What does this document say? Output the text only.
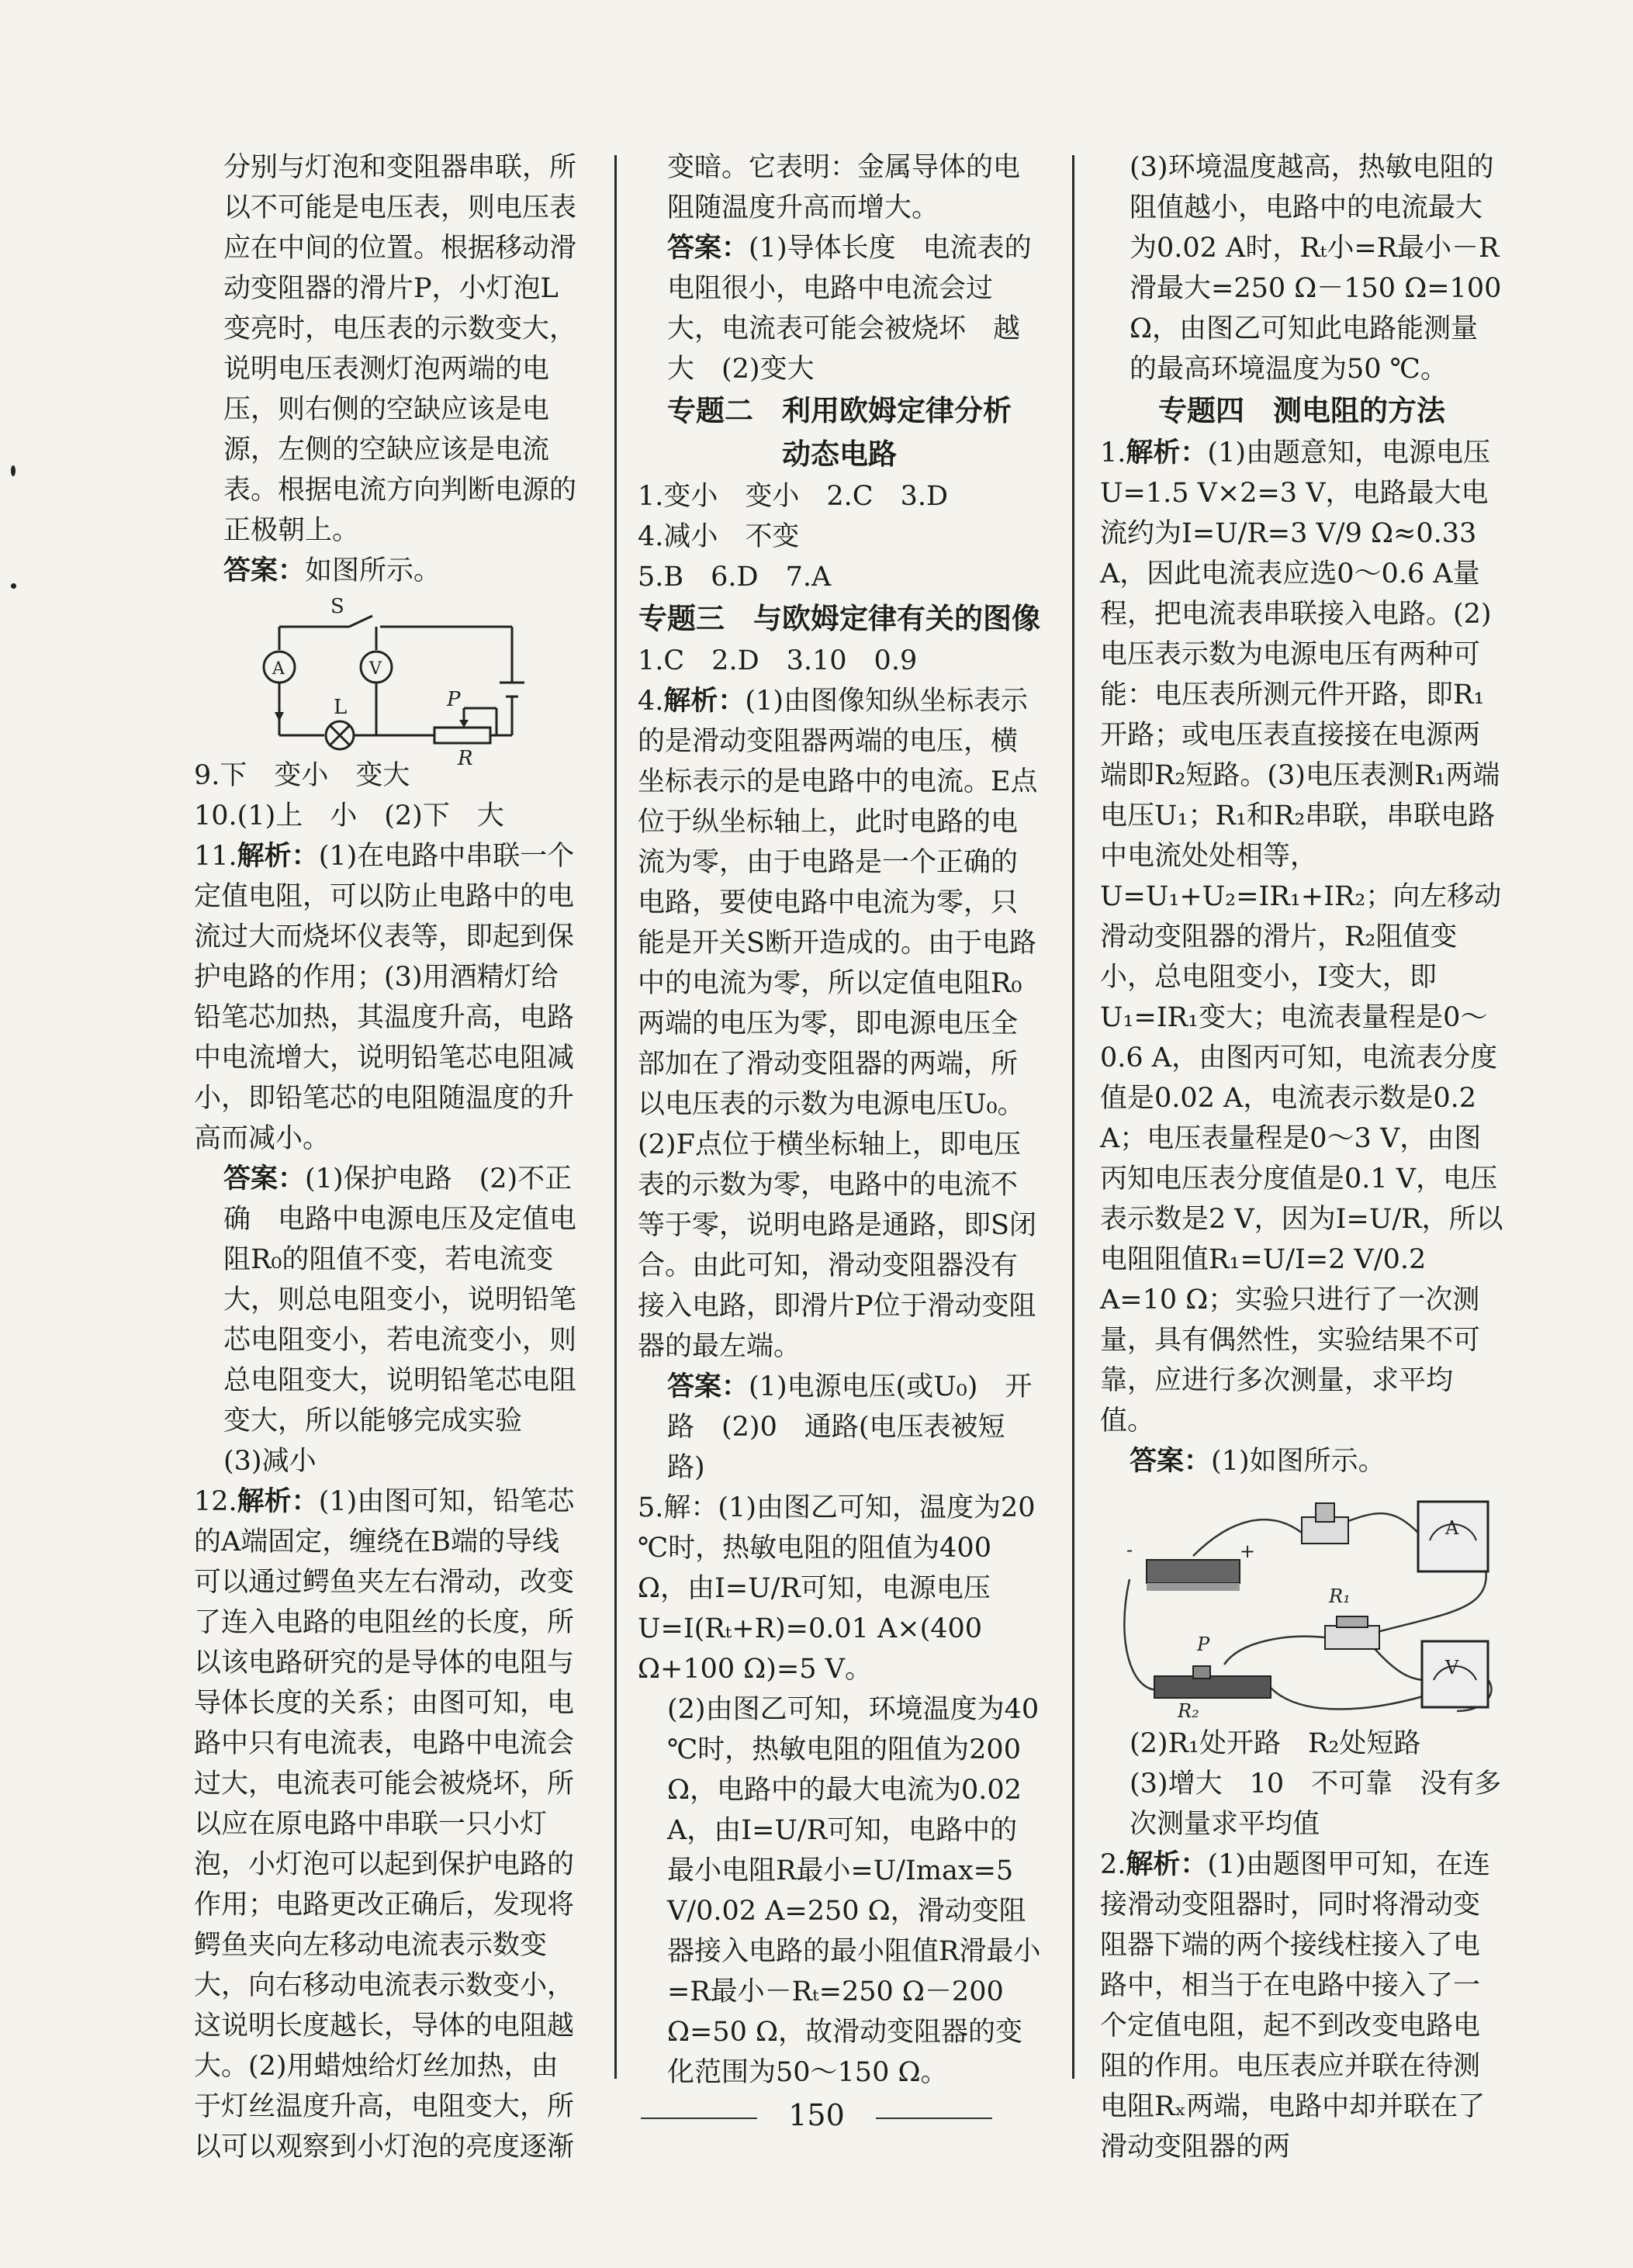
分别与灯泡和变阻器串联，所以不可能是电压表，则电压表应在中间的位置。根据移动滑动变阻器的滑片P，小灯泡L变亮时，电压表的示数变大，说明电压表测灯泡两端的电压，则右侧的空缺应该是电源，左侧的空缺应该是电流表。根据电流方向判断电源的正极朝上。

答案：如图所示。

S
A	V
L	P
R

9.下　变小　变大

10.(1)上　小　(2)下　大

11.解析：(1)在电路中串联一个定值电阻，可以防止电路中的电流过大而烧坏仪表等，即起到保护电路的作用；(3)用酒精灯给铅笔芯加热，其温度升高，电路中电流增大，说明铅笔芯电阻减小，即铅笔芯的电阻随温度的升高而减小。

答案：(1)保护电路　(2)不正确　电路中电源电压及定值电阻R₀的阻值不变，若电流变大，则总电阻变小，说明铅笔芯电阻变小，若电流变小，则总电阻变大，说明铅笔芯电阻变大，所以能够完成实验

(3)减小

12.解析：(1)由图可知，铅笔芯的A端固定，缠绕在B端的导线可以通过鳄鱼夹左右滑动，改变了连入电路的电阻丝的长度，所以该电路研究的是导体的电阻与导体长度的关系；由图可知，电路中只有电流表，电路中电流会过大，电流表可能会被烧坏，所以应在原电路中串联一只小灯泡，小灯泡可以起到保护电路的作用；电路更改正确后，发现将鳄鱼夹向左移动电流表示数变大，向右移动电流表示数变小，这说明长度越长，导体的电阻越大。(2)用蜡烛给灯丝加热，由于灯丝温度升高，电阻变大，所以可以观察到小灯泡的亮度逐渐

变暗。它表明：金属导体的电阻随温度升高而增大。

答案：(1)导体长度　电流表的电阻很小，电路中电流会过大，电流表可能会被烧坏　越大　(2)变大

专题二　利用欧姆定律分析

动态电路

1.变小　变小　2.C　3.D

4.减小　不变

5.B　6.D　7.A

专题三　与欧姆定律有关的图像

1.C　2.D　3.10　0.9

4.解析：(1)由图像知纵坐标表示的是滑动变阻器两端的电压，横坐标表示的是电路中的电流。E点位于纵坐标轴上，此时电路的电流为零，由于电路是一个正确的电路，要使电路中电流为零，只能是开关S断开造成的。由于电路中的电流为零，所以定值电阻R₀两端的电压为零，即电源电压全部加在了滑动变阻器的两端，所以电压表的示数为电源电压U₀。(2)F点位于横坐标轴上，即电压表的示数为零，电路中的电流不等于零，说明电路是通路，即S闭合。由此可知，滑动变阻器没有接入电路，即滑片P位于滑动变阻器的最左端。

答案：(1)电源电压(或U₀)　开路　(2)0　通路(电压表被短路)

5.解：(1)由图乙可知，温度为20 ℃时，热敏电阻的阻值为400 Ω，由I=U/R可知，电源电压U=I(Rₜ+R)=0.01 A×(400 Ω+100 Ω)=5 V。

(2)由图乙可知，环境温度为40 ℃时，热敏电阻的阻值为200 Ω，电路中的最大电流为0.02 A，由I=U/R可知，电路中的最小电阻R最小=U/Imax=5 V/0.02 A=250 Ω，滑动变阻器接入电路的最小阻值R滑最小=R最小－Rₜ=250 Ω－200 Ω=50 Ω，故滑动变阻器的变化范围为50～150 Ω。

(3)环境温度越高，热敏电阻的阻值越小，电路中的电流最大为0.02 A时，Rₜ小=R最小－R滑最大=250 Ω－150 Ω=100 Ω，由图乙可知此电路能测量的最高环境温度为50 ℃。

专题四　测电阻的方法

1.解析：(1)由题意知，电源电压U=1.5 V×2=3 V，电路最大电流约为I=U/R=3 V/9 Ω≈0.33 A，因此电流表应选0～0.6 A量程，把电流表串联接入电路。(2)电压表示数为电源电压有两种可能：电压表所测元件开路，即R₁开路；或电压表直接接在电源两端即R₂短路。(3)电压表测R₁两端电压U₁；R₁和R₂串联，串联电路中电流处处相等，U=U₁+U₂=IR₁+IR₂；向左移动滑动变阻器的滑片，R₂阻值变小，总电阻变小，I变大，即U₁=IR₁变大；电流表量程是0～0.6 A，由图丙可知，电流表分度值是0.02 A，电流表示数是0.2 A；电压表量程是0～3 V，由图丙知电压表分度值是0.1 V，电压表示数是2 V，因为I=U/R，所以电阻阻值R₁=U/I=2 V/0.2 A=10 Ω；实验只进行了一次测量，具有偶然性，实验结果不可靠，应进行多次测量，求平均值。

答案：(1)如图所示。

-	+
A
R₁
P
V
R₂

(2)R₁处开路　R₂处短路

(3)增大　10　不可靠　没有多次测量求平均值

2.解析：(1)由题图甲可知，在连接滑动变阻器时，同时将滑动变阻器下端的两个接线柱接入了电路中，相当于在电路中接入了一个定值电阻，起不到改变电路电阻的作用。电压表应并联在待测电阻Rₓ两端，电路中却并联在了滑动变阻器的两

150
